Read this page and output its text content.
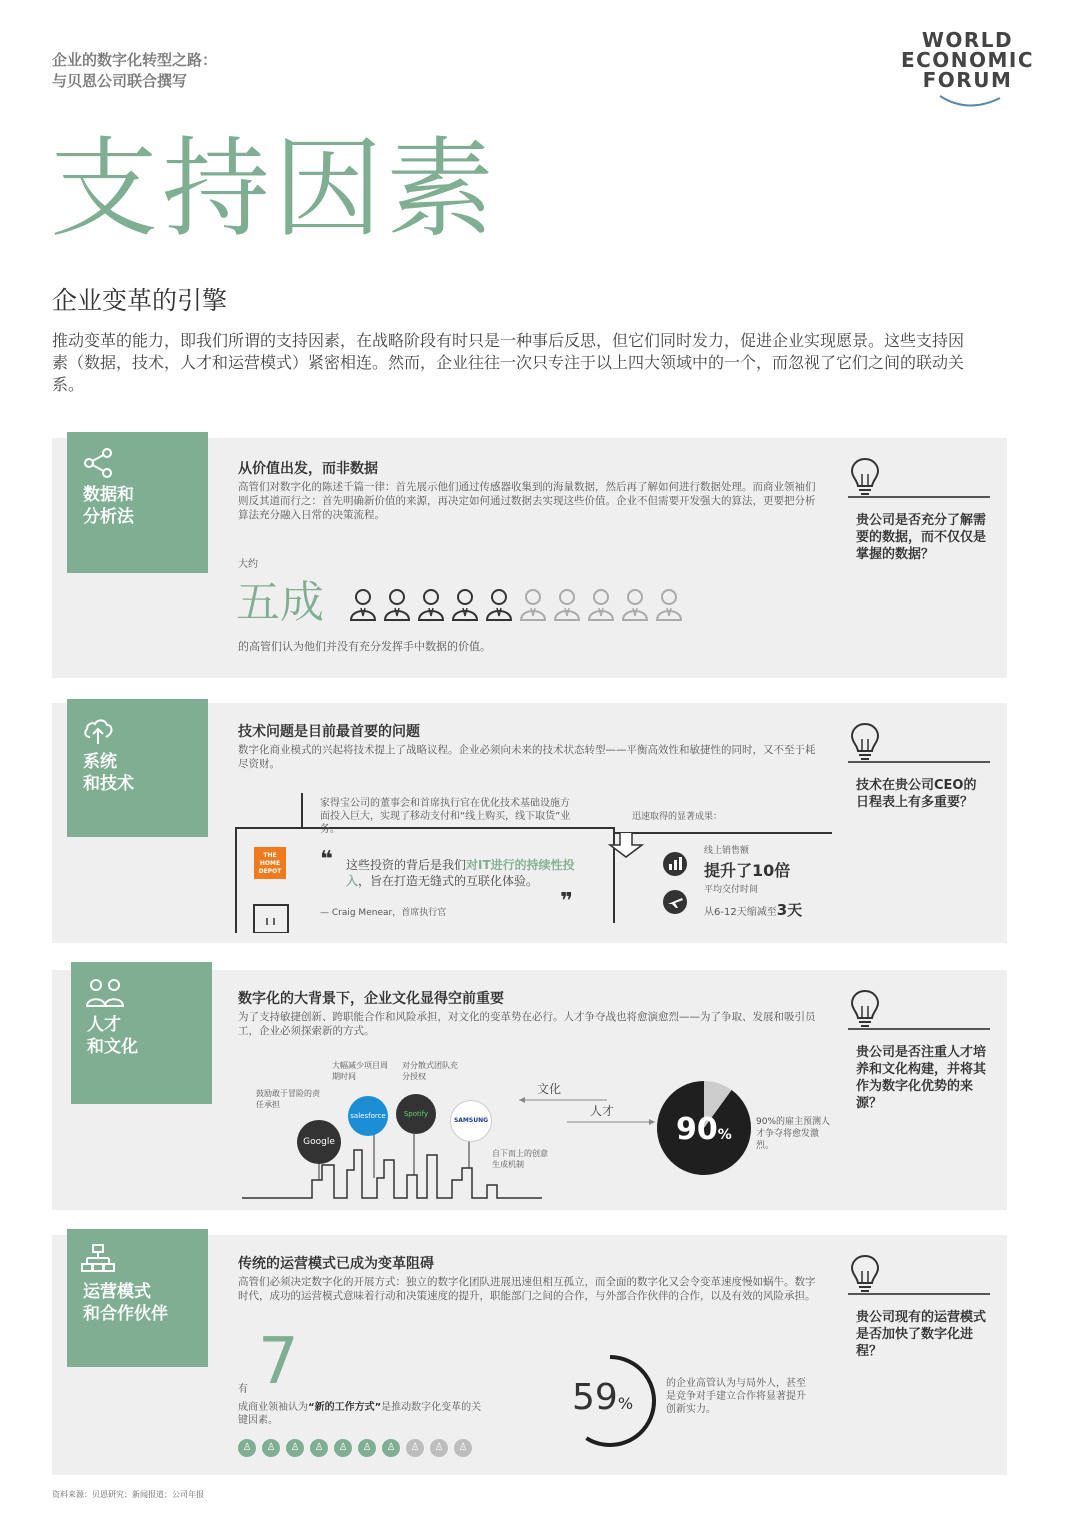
企业的数字化转型之路：
与贝恩公司联合撰写
WORLD
ECONOMIC
FORUM
支持因素
企业变革的引擎
推动变革的能力，即我们所谓的支持因素，在战略阶段有时只是一种事后反思，但它们同时发力，促进企业实现愿景。这些支持因素（数据，技术，人才和运营模式）紧密相连。然而，企业往往一次只专注于以上四大领域中的一个，而忽视了它们之间的联动关系。
数据和
分析法
从价值出发，而非数据
高管们对数字化的陈述千篇一律：首先展示他们通过传感器收集到的海量数据，然后再了解如何进行数据处理。而商业领袖们则反其道而行之：首先明确新价值的来源，再决定如何通过数据去实现这些价值。企业不但需要开发强大的算法，更要把分析算法充分融入日常的决策流程。
大约
五成
的高管们认为他们并没有充分发挥手中数据的价值。
贵公司是否充分了解需要的数据，而不仅仅是掌握的数据？
系统
和技术
技术问题是目前最首要的问题
数字化商业模式的兴起将技术提上了战略议程。企业必须向未来的技术状态转型——平衡高效性和敏捷性的同时，又不至于耗尽资财。
THE HOME DEPOT
家得宝公司的董事会和首席执行官在优化技术基础设施方面投入巨大，实现了移动支付和“线上购买，线下取货”业务。
❝ 这些投资的背后是我们对IT进行的持续性投入，旨在打造无缝式的互联化体验。
❞
— Craig Menear，首席执行官
迅速取得的显著成果：
线上销售额
提升了10倍
平均交付时间
从6-12天缩减至3天
技术在贵公司CEO的日程表上有多重要？
人才
和文化
数字化的大背景下，企业文化显得空前重要
为了支持敏捷创新、跨职能合作和风险承担，对文化的变革势在必行。人才争夺战也将愈演愈烈——为了争取、发展和吸引员工，企业必须探索新的方式。
Google
salesforce	Spotify
SAMSUNG
鼓励敢于冒险的责任承担
大幅减少项目周期时间
对分散式团队充分授权
自下而上的创意生成机制
文化
人才
90%
90%的雇主预测人才争夺将愈发激烈。
贵公司是否注重人才培养和文化构建，并将其作为数字化优势的来源？
运营模式
和合作伙伴
传统的运营模式已成为变革阻碍
高管们必须决定数字化的开展方式：独立的数字化团队进展迅速但相互孤立，而全面的数字化又会令变革速度慢如蜗牛。数字时代，成功的运营模式意味着行动和决策速度的提升，职能部门之间的合作，与外部合作伙伴的合作，以及有效的风险承担。
有 7
成商业领袖认为“新的工作方式”是推动数字化变革的关键因素。
♙ ♙ ♙ ♙ ♙ ♙ ♙ ♙ ♙ ♙
59%
的企业高管认为与局外人，甚至是竞争对手建立合作将显著提升创新实力。
贵公司现有的运营模式是否加快了数字化进程？
资料来源：贝恩研究；新闻报道；公司年报
